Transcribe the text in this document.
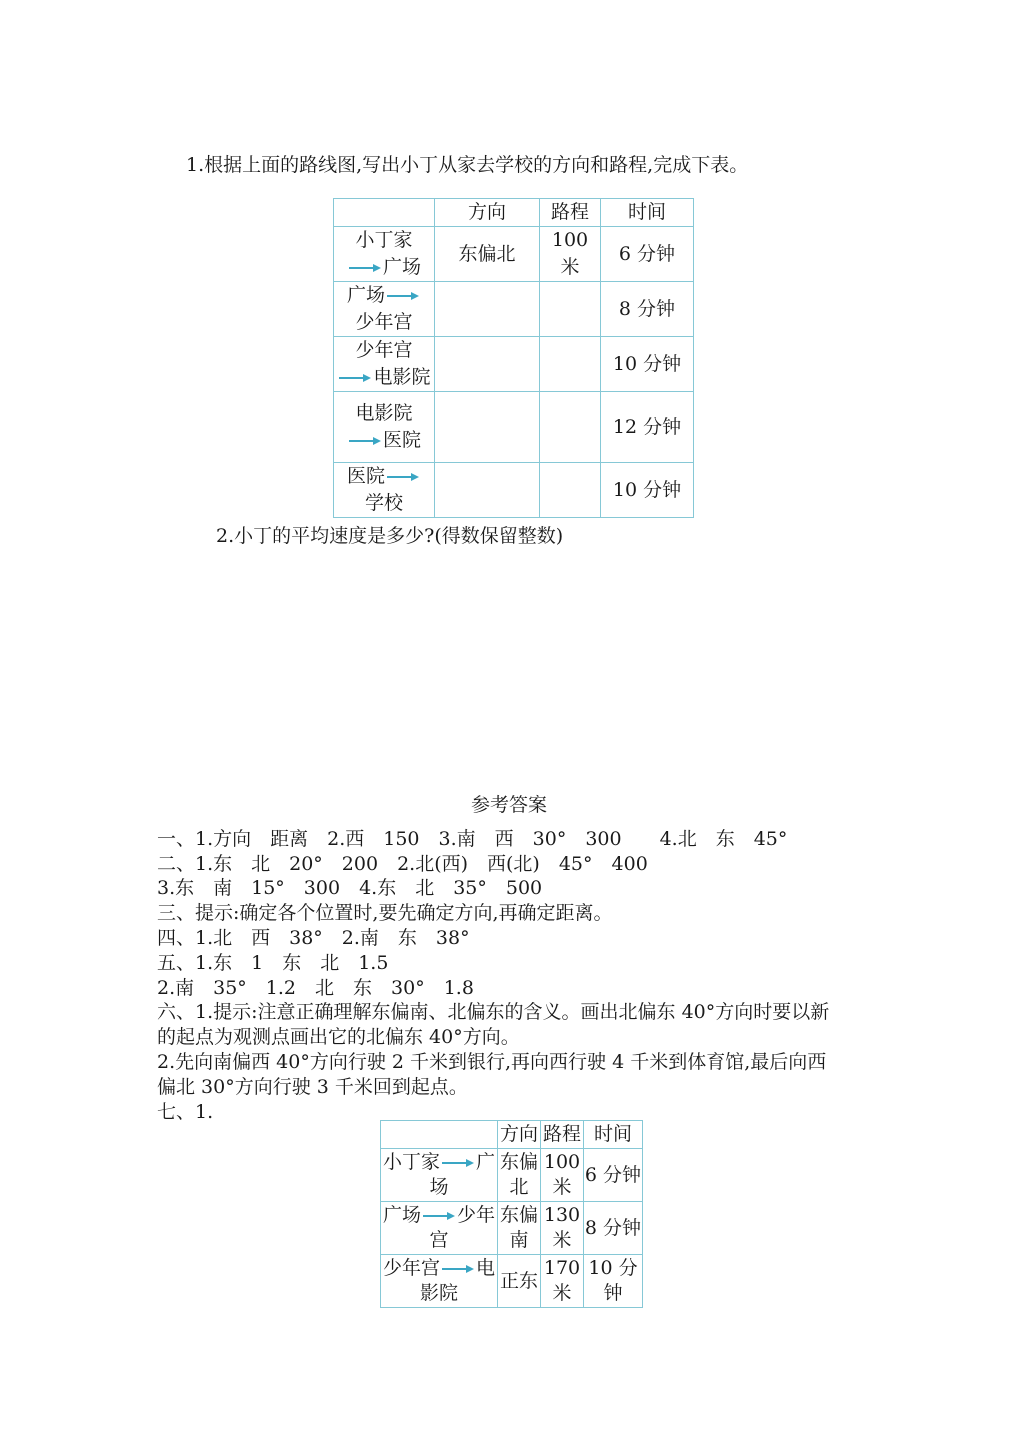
1.根据上面的路线图,写出小丁从家去学校的方向和路程,完成下表。
	方向	路程	时间
小丁家
广场	东偏北	100 米	6 分钟
广场
少年宫			8 分钟
少年宫
电影院			10 分钟
电影院
医院			12 分钟
医院
学校			10 分钟
2.小丁的平均速度是多少?(得数保留整数)
参考答案
一、1.方向　距离　2.西　150　3.南　西　30°　300　　4.北　东　45°
二、1.东　北　20°　200　2.北(西)　西(北)　45°　400
3.东　南　15°　300　4.东　北　35°　500
三、提示:确定各个位置时,要先确定方向,再确定距离。
四、1.北　西　38°　2.南　东　38°
五、1.东　1　东　北　1.5
2.南　35°　1.2　北　东　30°　1.8
六、1.提示:注意正确理解东偏南、北偏东的含义。画出北偏东 40°方向时要以新
的起点为观测点画出它的北偏东 40°方向。
2.先向南偏西 40°方向行驶 2 千米到银行,再向西行驶 4 千米到体育馆,最后向西
偏北 30°方向行驶 3 千米回到起点。
七、1.
	方向	路程	时间
小丁家 广场	东偏北	100 米	6 分钟
广场 少年宫	东偏南	130 米	8 分钟
少年宫 电影院	正东	170 米	10 分钟
